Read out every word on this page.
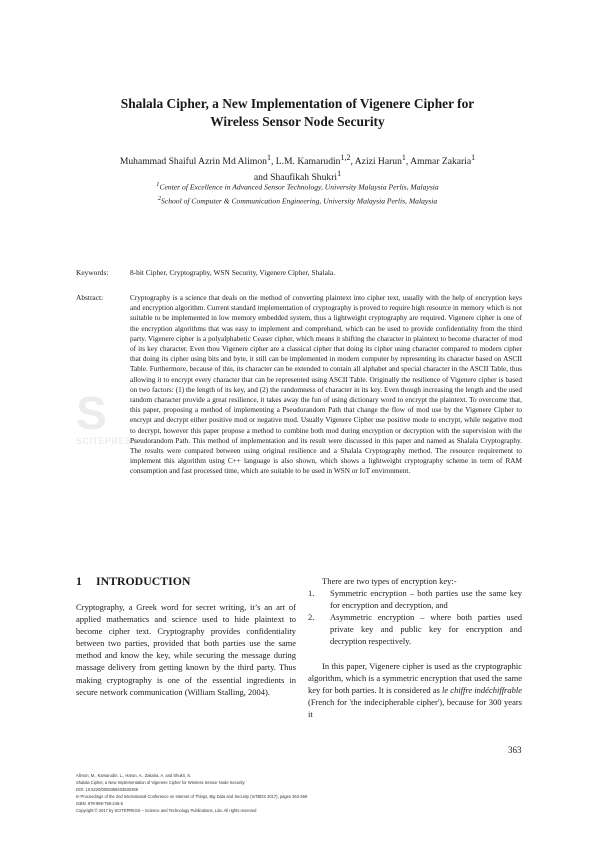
S
SCITEPRESS
Shalala Cipher, a New Implementation of Vigenere Cipher for
Wireless Sensor Node Security
Muhammad Shaiful Azrin Md Alimon$^1$, L.M. Kamarudin$^{1,2}$, Azizi Harun$^1$, Ammar Zakaria$^1$
and Shaufikah Shukri$^1$
$^1$Center of Excellence in Advanced Sensor Technology, University Malaysia Perlis, Malaysia
$^2$School of Computer & Communication Engineering, University Malaysia Perlis, Malaysia
Keywords:	8-bit Cipher, Cryptography, WSN Security, Vigenere Cipher, Shalala.
Abstract:	Cryptography is a science that deals on the method of converting plaintext into cipher text, usually with the help of encryption keys and encryption algorithm. Current standard implementation of cryptography is proved to require high resource in memory which is not suitable to be implemented in low memory embedded system, thus a lightweight cryptography are required. Vigenere cipher is one of the encryption algorithms that was easy to implement and comprehand, which can be used to provide confidentiality from the third party. Vigenere cipher is a polyalphabetic Ceaser cipher, which means it shifting the character in plaintext to become character of mod of its key character. Even thou Vigenere cipher are a classical cipher that doing its cipher using character compared to modern cipher that doing its cipher using bits and byte, it still can be implemented in modern computer by representing its character based on ASCII Table. Furthermore, because of this, its character can be extended to contain all alphabet and special character in the ASCII Table, thus allowing it to encrypt every character that can be represented using ASCII Table. Originally the resilience of Vigenere cipher is based on two factors: (1) the length of its key, and (2) the randomness of character in its key. Even though increasing the length and the used random character provide a great resilience, it takes away the fun of using dictionary word to encrypt the plaintext. To overcome that, this paper, proposing a method of implementing a Pseudorandom Path that change the flow of mod use by the Vigenere Cipher to encrypt and decrypt either positive mod or negative mod. Usually Vigenere Cipher use positive mode to encrypt, while negative mod to decrypt, however this paper propose a method to combine both mod during encryption or decryption with the supervision with the Pseudorandom Path. This method of implementation and its result were discussed in this paper and named as Shalala Cryptography. The results were compared between using original resilience and a Shalala Cryptography method. The resource requirement to implement this algorithm using C++ language is also shown, which shows a lightweight cryptography scheme in term of RAM consumption and fast processed time, which are suitable to be used in WSN or IoT environment.
1 INTRODUCTION
Cryptography, a Greek word for secret writing, it’s an art of applied mathematics and science used to hide plaintext to become cipher text. Cryptography provides confidentiality between two parties, provided that both parties use the same method and know the key, while securing the message during massage delivery from getting known by the third party. Thus making cryptography is one of the essential ingredients in secure network communication (William Stalling, 2004).

There are two types of encryption key:-

1. Symmetric encryption – both parties use the same key for encryption and decryption, and
2. Asymmetric encryption – where both parties used private key and public key for encryption and decryption respectively.

In this paper, Vigenere cipher is used as the cryptographic algorithm, which is a symmetric encryption that used the same key for both parties. It is considered as le chiffre indéchiffrable (French for 'the indecipherable cipher'), because for 300 years it

363
Alimon, M., Kamarudin, L., Harun, A., Zakaria, A. and Shukri, S.
Shalala Cipher, a New Implementation of Vigenere Cipher for Wireless Sensor Node Security.
DOI: 10.5220/0006358403630369
In Proceedings of the 2nd International Conference on Internet of Things, Big Data and Security (IoTBDS 2017), pages 363-369
ISBN: 978-989-758-245-5
Copyright © 2017 by SCITEPRESS – Science and Technology Publications, Lda. All rights reserved
